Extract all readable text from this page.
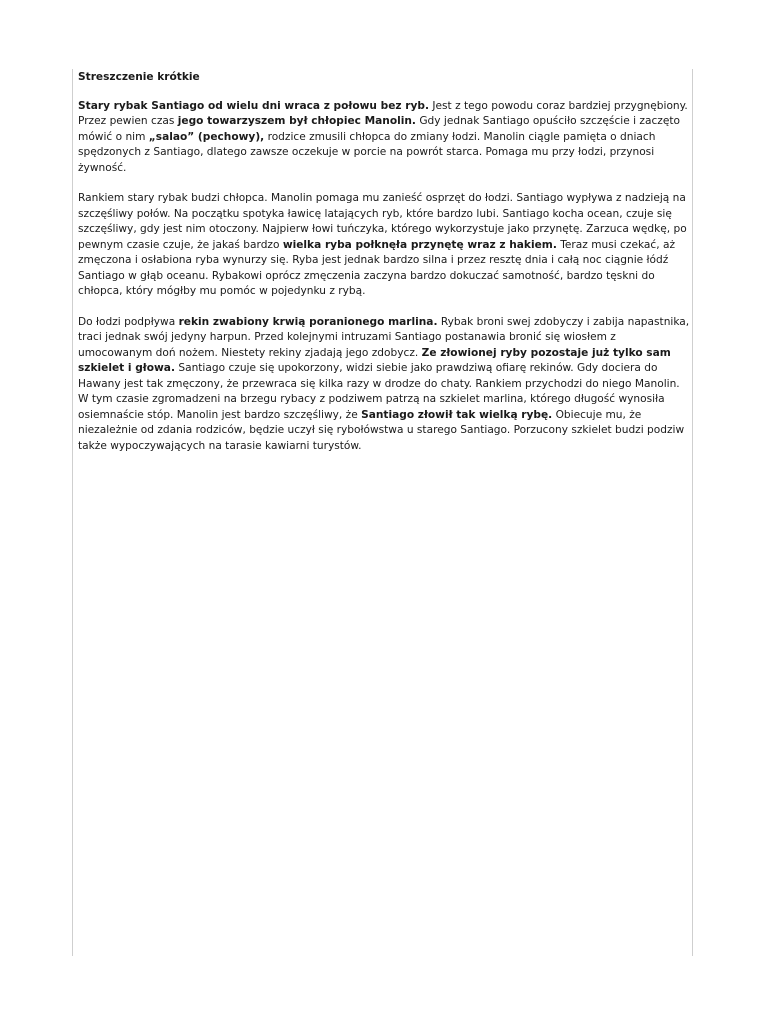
Streszczenie krótkie

Stary rybak Santiago od wielu dni wraca z połowu bez ryb. Jest z tego powodu coraz bardziej przygnębiony. Przez pewien czas jego towarzyszem był chłopiec Manolin. Gdy jednak Santiago opuściło szczęście i zaczęto mówić o nim „salao” (pechowy), rodzice zmusili chłopca do zmiany łodzi. Manolin ciągle pamięta o dniach spędzonych z Santiago, dlatego zawsze oczekuje w porcie na powrót starca. Pomaga mu przy łodzi, przynosi żywność.

Rankiem stary rybak budzi chłopca. Manolin pomaga mu zanieść osprzęt do łodzi. Santiago wypływa z nadzieją na szczęśliwy połów. Na początku spotyka ławicę latających ryb, które bardzo lubi. Santiago kocha ocean, czuje się szczęśliwy, gdy jest nim otoczony. Najpierw łowi tuńczyka, którego wykorzystuje jako przynętę. Zarzuca wędkę, po pewnym czasie czuje, że jakaś bardzo wielka ryba połknęła przynętę wraz z hakiem. Teraz musi czekać, aż zmęczona i osłabiona ryba wynurzy się. Ryba jest jednak bardzo silna i przez resztę dnia i całą noc ciągnie łódź Santiago w głąb oceanu. Rybakowi oprócz zmęczenia zaczyna bardzo dokuczać samotność, bardzo tęskni do chłopca, który mógłby mu pomóc w pojedynku z rybą.

Do łodzi podpływa rekin zwabiony krwią poranionego marlina. Rybak broni swej zdobyczy i zabija napastnika, traci jednak swój jedyny harpun. Przed kolejnymi intruzami Santiago postanawia bronić się wiosłem z umocowanym doń nożem. Niestety rekiny zjadają jego zdobycz. Ze złowionej ryby pozostaje już tylko sam szkielet i głowa. Santiago czuje się upokorzony, widzi siebie jako prawdziwą ofiarę rekinów. Gdy dociera do Hawany jest tak zmęczony, że przewraca się kilka razy w drodze do chaty. Rankiem przychodzi do niego Manolin. W tym czasie zgromadzeni na brzegu rybacy z podziwem patrzą na szkielet marlina, którego długość wynosiła osiemnaście stóp. Manolin jest bardzo szczęśliwy, że Santiago złowił tak wielką rybę. Obiecuje mu, że niezależnie od zdania rodziców, będzie uczył się rybołówstwa u starego Santiago. Porzucony szkielet budzi podziw także wypoczywających na tarasie kawiarni turystów.
